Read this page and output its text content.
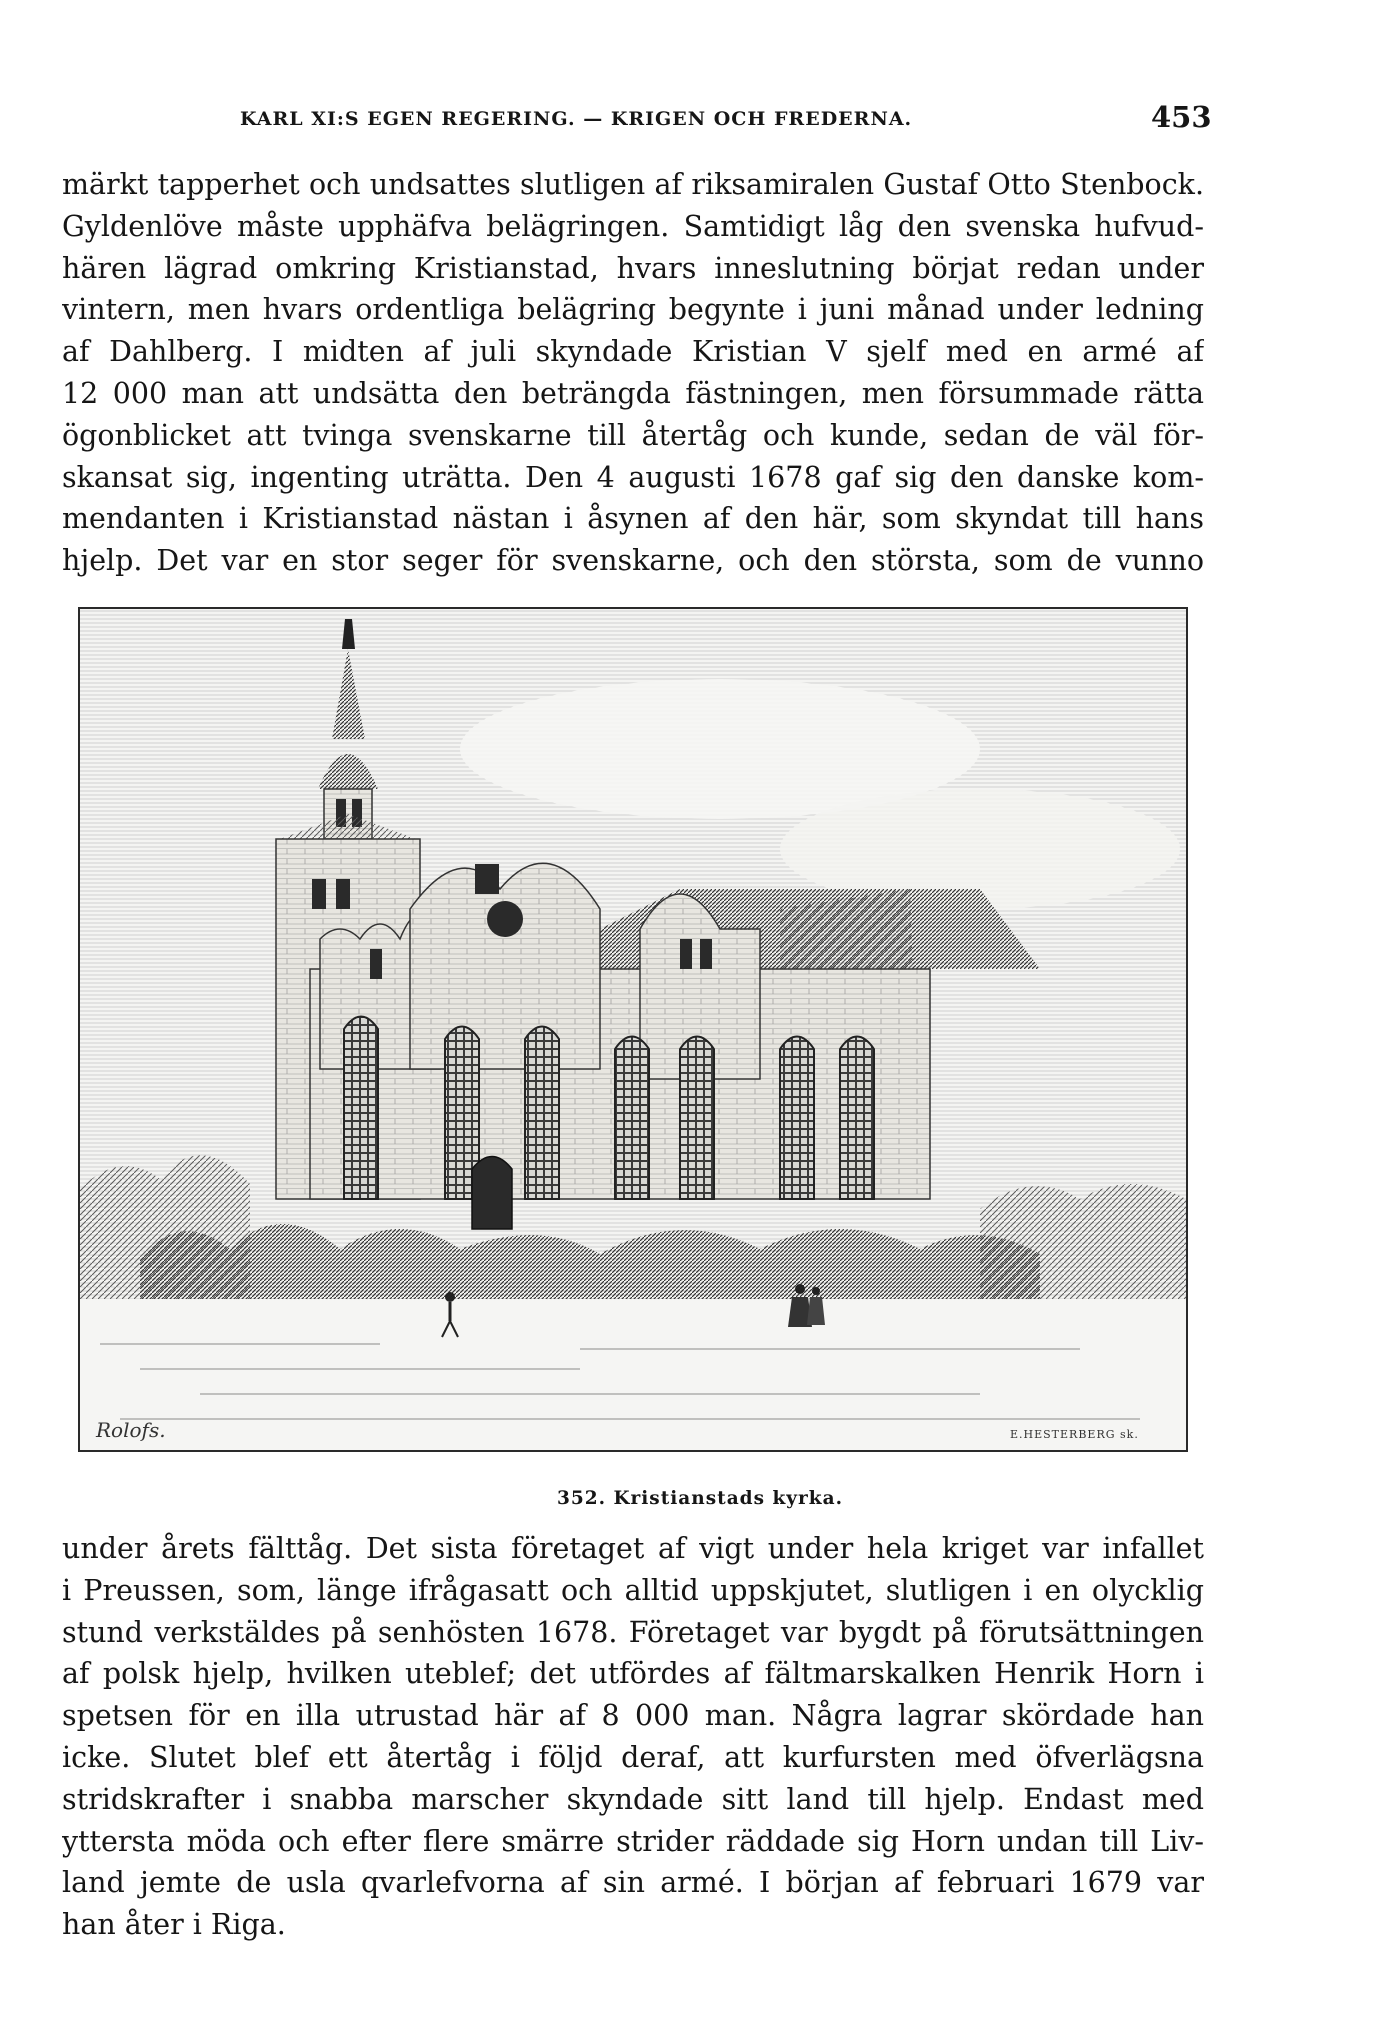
KARL XI:S EGEN REGERING. — KRIGEN OCH FREDERNA.	453
märkt tapperhet och undsattes slutligen af riksamiralen Gustaf Otto Stenbock.
Gyldenlöve måste upphäfva belägringen. Samtidigt låg den svenska hufvud-
hären lägrad omkring Kristianstad, hvars inneslutning börjat redan under
vintern, men hvars ordentliga belägring begynte i juni månad under ledning
af Dahlberg. I midten af juli skyndade Kristian V sjelf med en armé af
12 000 man att undsätta den beträngda fästningen, men försummade rätta
ögonblicket att tvinga svenskarne till återtåg och kunde, sedan de väl för-
skansat sig, ingenting uträtta. Den 4 augusti 1678 gaf sig den danske kom-
mendanten i Kristianstad nästan i åsynen af den här, som skyndat till hans
hjelp. Det var en stor seger för svenskarne, och den största, som de vunno
Rolofs.	E.HESTERBERG sk.
352. Kristianstads kyrka.
under årets fälttåg. Det sista företaget af vigt under hela kriget var infallet
i Preussen, som, länge ifrågasatt och alltid uppskjutet, slutligen i en olycklig
stund verkstäldes på senhösten 1678. Företaget var bygdt på förutsättningen
af polsk hjelp, hvilken uteblef; det utfördes af fältmarskalken Henrik Horn i
spetsen för en illa utrustad här af 8 000 man. Några lagrar skördade han
icke. Slutet blef ett återtåg i följd deraf, att kurfursten med öfverlägsna
stridskrafter i snabba marscher skyndade sitt land till hjelp. Endast med
yttersta möda och efter flere smärre strider räddade sig Horn undan till Liv-
land jemte de usla qvarlefvorna af sin armé. I början af februari 1679 var
han åter i Riga.
